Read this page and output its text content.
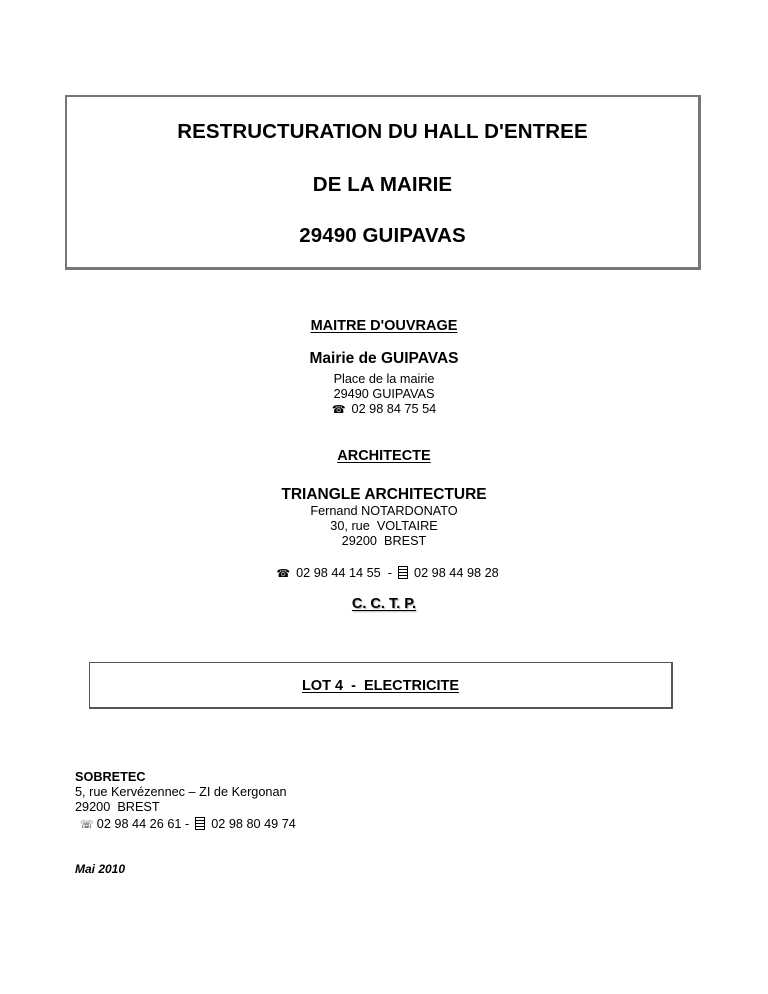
RESTRUCTURATION DU HALL D'ENTREE
DE LA MAIRIE
29490 GUIPAVAS
MAITRE D'OUVRAGE
Mairie de GUIPAVAS
Place de la mairie
29490 GUIPAVAS
☎ 02 98 84 75 54
ARCHITECTE
TRIANGLE ARCHITECTURE
Fernand NOTARDONATO
30, rue  VOLTAIRE
29200  BREST

☎ 02 98 44 14 55 - 02 98 44 98 28

C. C. T. P.
LOT 4  -  ELECTRICITE
SOBRETEC
5, rue Kervézennec – ZI de Kergonan
29200  BREST
☏ 02 98 44 26 61 - 02 98 80 49 74
Mai 2010
